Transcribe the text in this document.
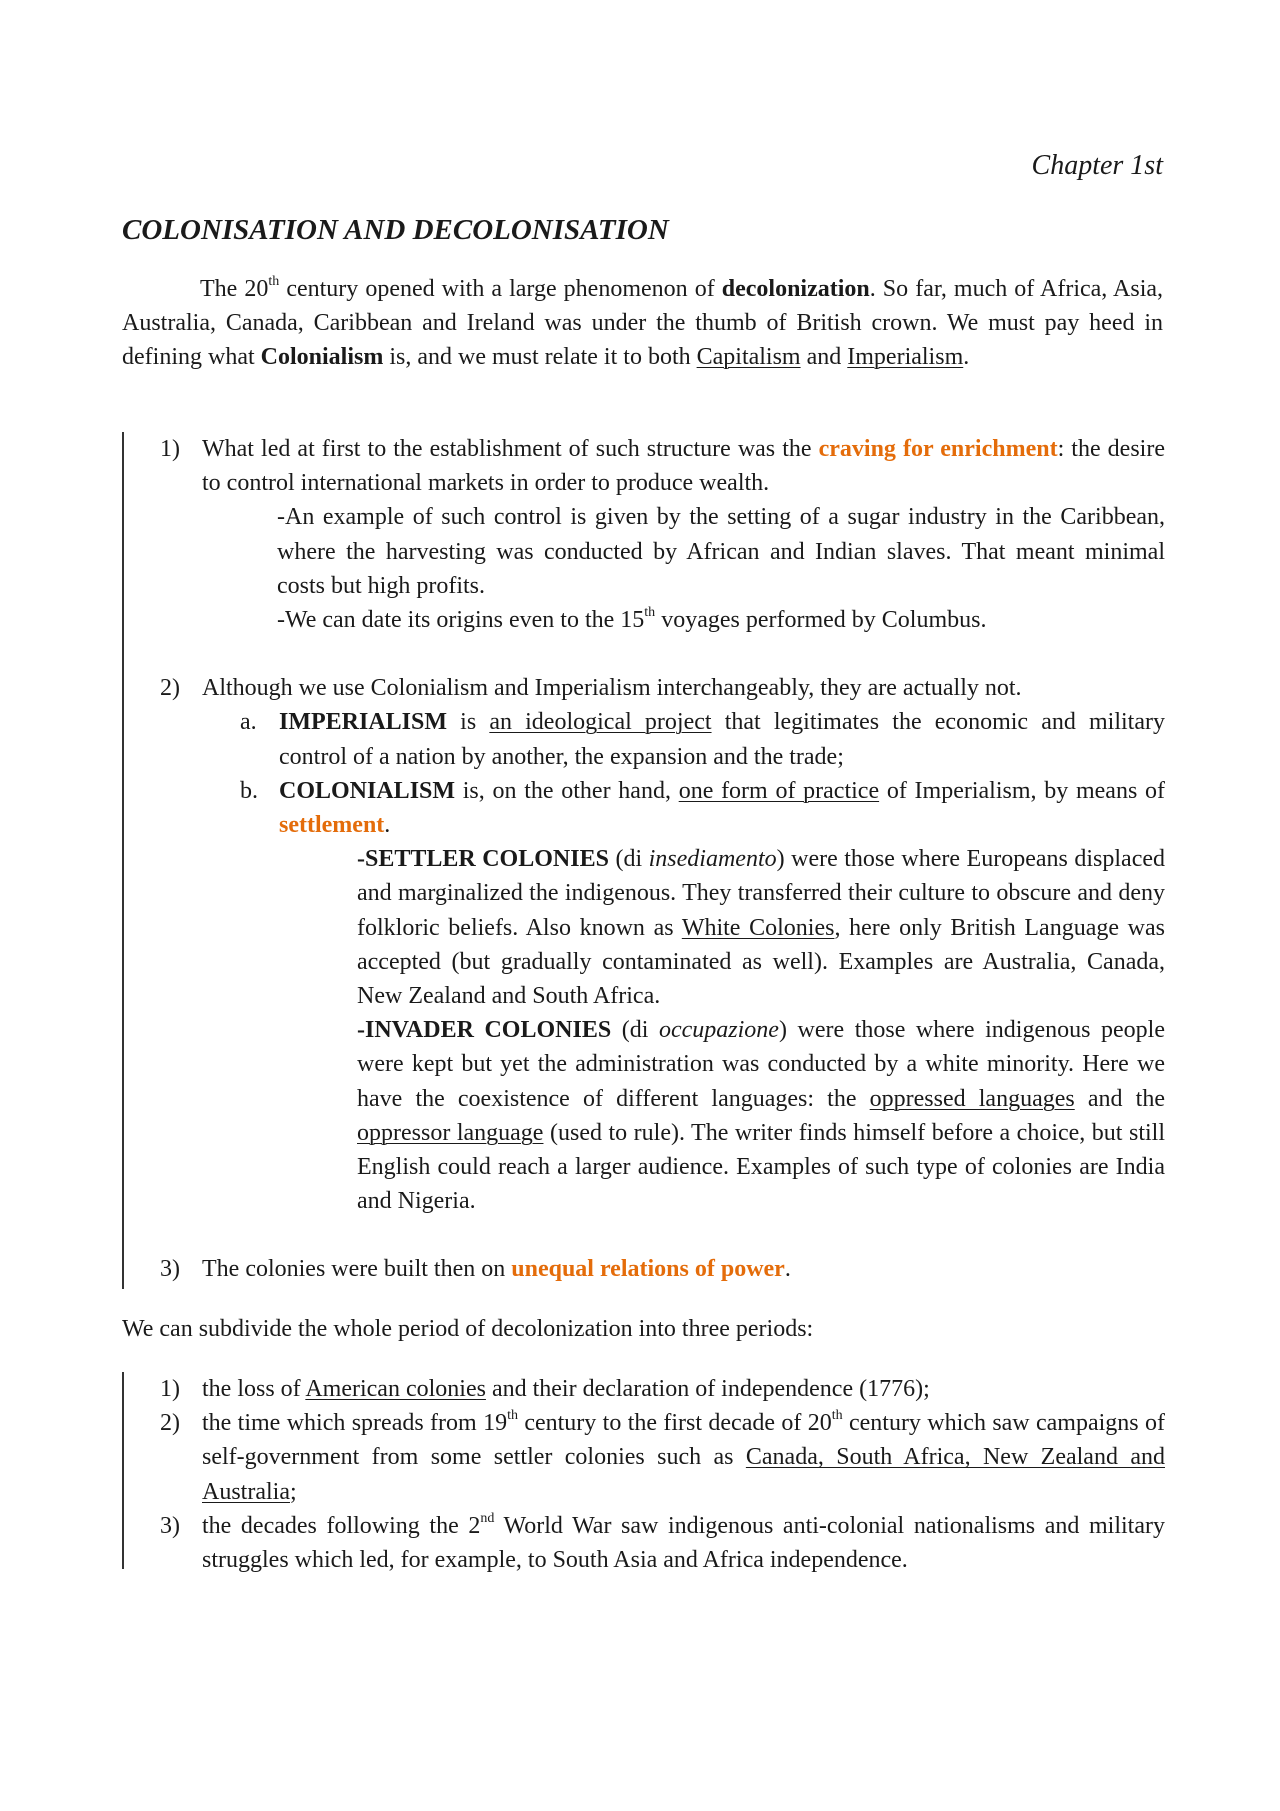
Chapter 1st
COLONISATION AND DECOLONISATION

The 20th century opened with a large phenomenon of decolonization. So far, much of Africa, Asia, Australia, Canada, Caribbean and Ireland was under the thumb of British crown. We must pay heed in defining what Colonialism is, and we must relate it to both Capitalism and Imperialism.

1) What led at first to the establishment of such structure was the craving for enrichment: the desire to control international markets in order to produce wealth.

-An example of such control is given by the setting of a sugar industry in the Caribbean, where the harvesting was conducted by African and Indian slaves. That meant minimal costs but high profits.

-We can date its origins even to the 15th voyages performed by Columbus.

2) Although we use Colonialism and Imperialism interchangeably, they are actually not.

a. IMPERIALISM is an ideological project that legitimates the economic and military control of a nation by another, the expansion and the trade;

b. COLONIALISM is, on the other hand, one form of practice of Imperialism, by means of settlement.

-SETTLER COLONIES (di insediamento) were those where Europeans displaced and marginalized the indigenous. They transferred their culture to obscure and deny folkloric beliefs. Also known as White Colonies, here only British Language was accepted (but gradually contaminated as well). Examples are Australia, Canada, New Zealand and South Africa.

-INVADER COLONIES (di occupazione) were those where indigenous people were kept but yet the administration was conducted by a white minority. Here we have the coexistence of different languages: the oppressed languages and the oppressor language (used to rule). The writer finds himself before a choice, but still English could reach a larger audience. Examples of such type of colonies are India and Nigeria.

3) The colonies were built then on unequal relations of power.

We can subdivide the whole period of decolonization into three periods:

1) the loss of American colonies and their declaration of independence (1776);

2) the time which spreads from 19th century to the first decade of 20th century which saw campaigns of self-government from some settler colonies such as Canada, South Africa, New Zealand and Australia;

3) the decades following the 2nd World War saw indigenous anti-colonial nationalisms and military struggles which led, for example, to South Asia and Africa independence.
